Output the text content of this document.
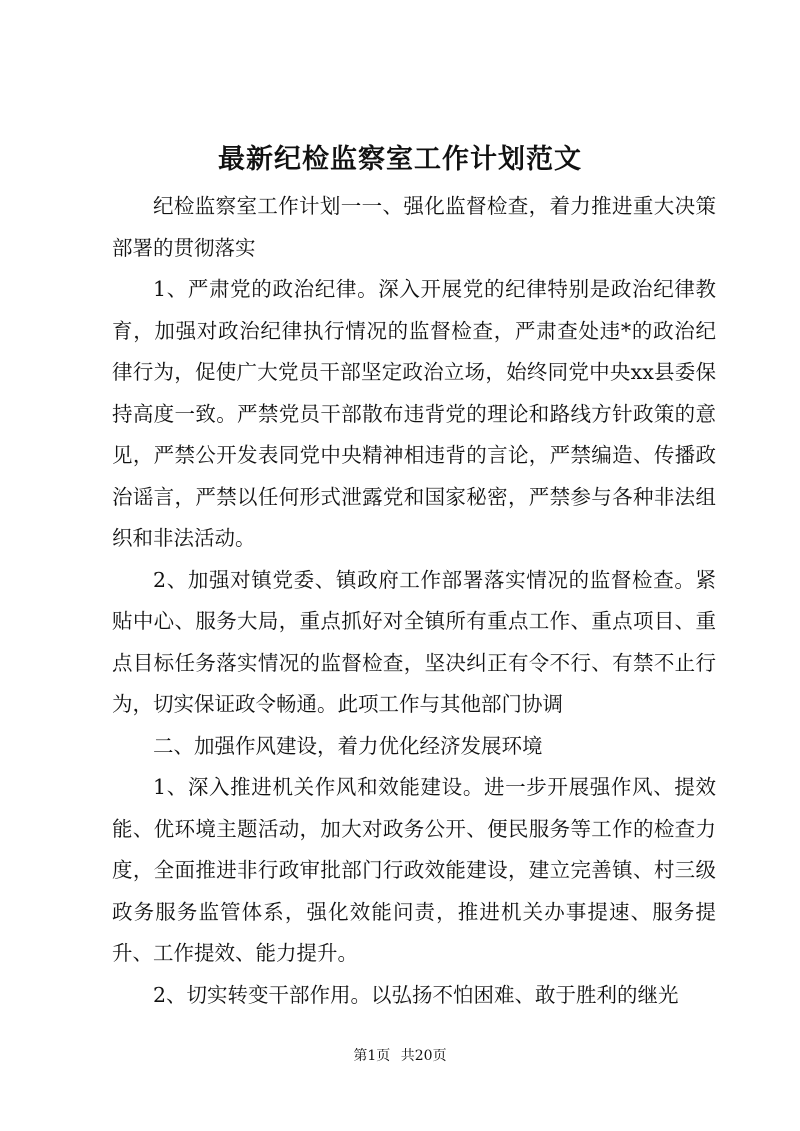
最新纪检监察室工作计划范文

纪检监察室工作计划一一、强化监督检查，着力推进重大决策部署的贯彻落实

1、严肃党的政治纪律。深入开展党的纪律特别是政治纪律教育，加强对政治纪律执行情况的监督检查，严肃查处违*的政治纪律行为，促使广大党员干部坚定政治立场，始终同党中央xx县委保持高度一致。严禁党员干部散布违背党的理论和路线方针政策的意见，严禁公开发表同党中央精神相违背的言论，严禁编造、传播政治谣言，严禁以任何形式泄露党和国家秘密，严禁参与各种非法组织和非法活动。

2、加强对镇党委、镇政府工作部署落实情况的监督检查。紧贴中心、服务大局，重点抓好对全镇所有重点工作、重点项目、重点目标任务落实情况的监督检查，坚决纠正有令不行、有禁不止行为，切实保证政令畅通。此项工作与其他部门协调

二、加强作风建设，着力优化经济发展环境

1、深入推进机关作风和效能建设。进一步开展强作风、提效能、优环境主题活动，加大对政务公开、便民服务等工作的检查力度，全面推进非行政审批部门行政效能建设，建立完善镇、村三级政务服务监管体系，强化效能问责，推进机关办事提速、服务提升、工作提效、能力提升。

2、切实转变干部作用。以弘扬不怕困难、敢于胜利的继光

第1页 共20页
